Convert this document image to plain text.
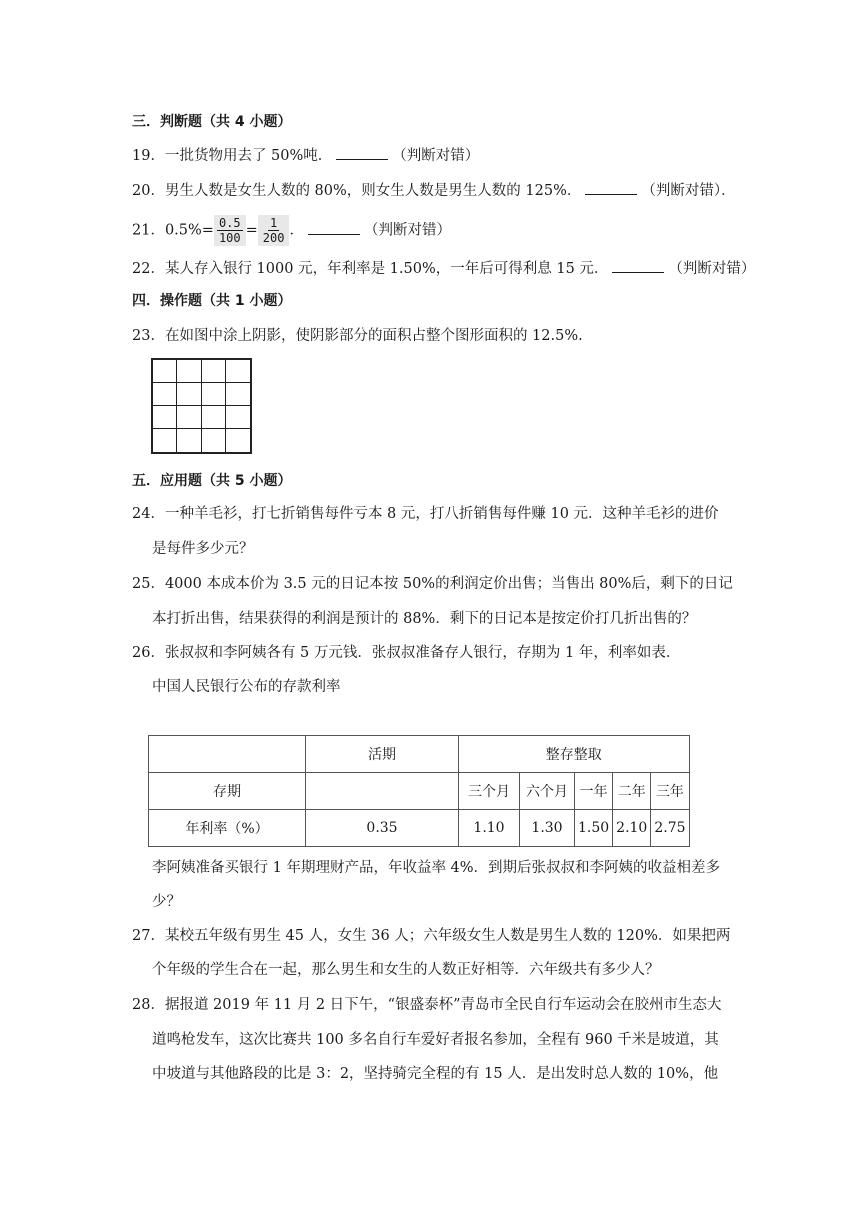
三．判断题（共 4 小题）
19．一批货物用去了 50%吨．	（判断对错）
20．男生人数是女生人数的 80%，则女生人数是男生人数的 125%．	（判断对错）．
21．$0.5\%= \frac{0.5}{100} = \frac{1}{200}$ ．	（判断对错）
22．某人存入银行 1000 元，年利率是 1.50%，一年后可得利息 15 元．	（判断对错）
四．操作题（共 1 小题）
23．在如图中涂上阴影，使阴影部分的面积占整个图形面积的 12.5%.
五．应用题（共 5 小题）
24．一种羊毛衫，打七折销售每件亏本 8 元，打八折销售每件赚 10 元．这种羊毛衫的进价
是每件多少元？
25．4000 本成本价为 3.5 元的日记本按 50%的利润定价出售；当售出 80%后，剩下的日记
本打折出售，结果获得的利润是预计的 88%．剩下的日记本是按定价打几折出售的？
26．张叔叔和李阿姨各有 5 万元钱．张叔叔准备存人银行，存期为 1 年，利率如表．
中国人民银行公布的存款利率
	活期	整存整取				
存期		三个月	六个月	一年	二年	三年
年利率（%）	0.35	1.10	1.30	1.50	2.10	2.75
李阿姨准备买银行 1 年期理财产品，年收益率 4%．到期后张叔叔和李阿姨的收益相差多
少？
27．某校五年级有男生 45 人，女生 36 人；六年级女生人数是男生人数的 120%．如果把两
个年级的学生合在一起，那么男生和女生的人数正好相等．六年级共有多少人？
28．据报道 2019 年 11 月 2 日下午，“银盛泰杯”青岛市全民自行车运动会在胶州市生态大
道鸣枪发车，这次比赛共 100 多名自行车爱好者报名参加，全程有 960 千米是坡道，其
中坡道与其他路段的比是 3：2，坚持骑完全程的有 15 人．是出发时总人数的 10%，他
